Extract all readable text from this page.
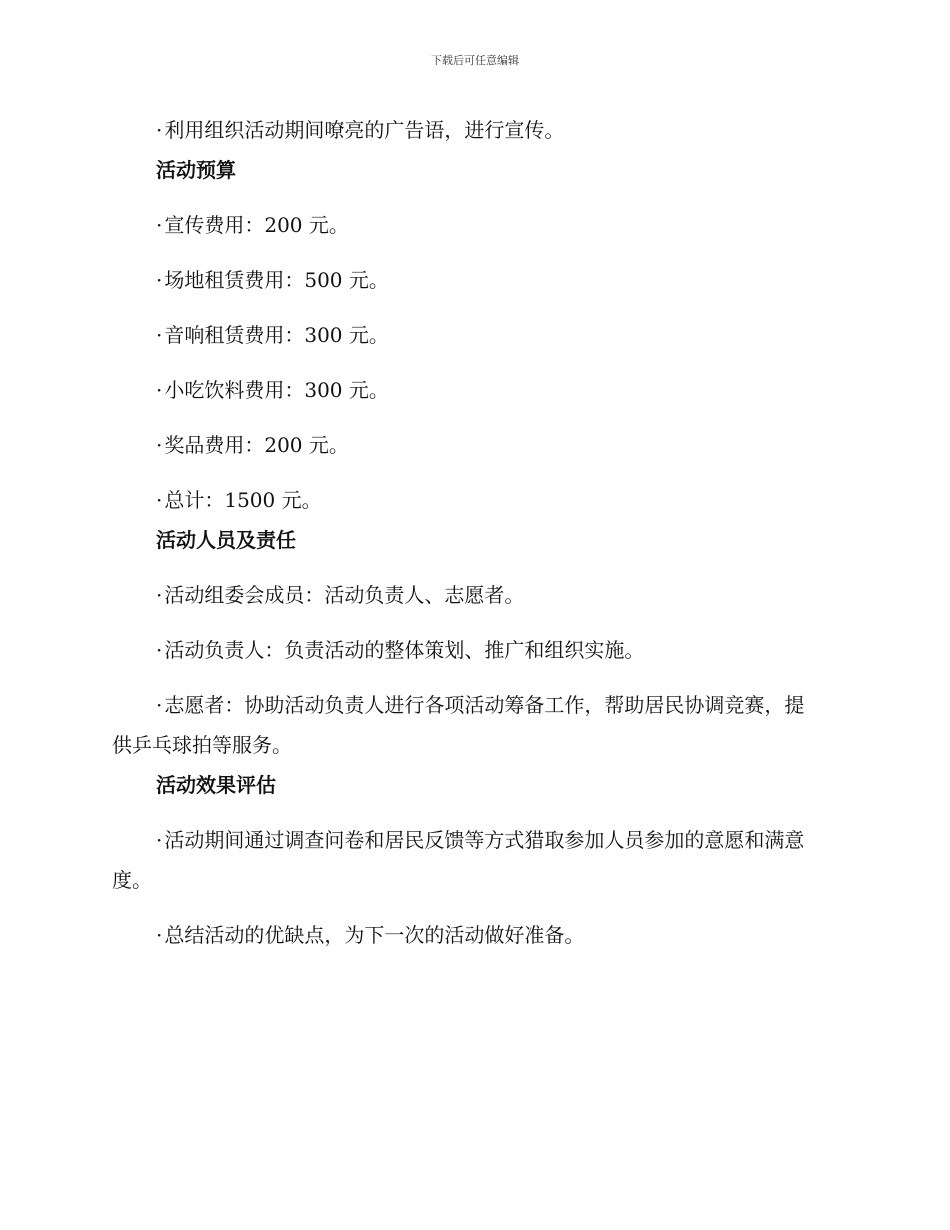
下载后可任意编辑

· 利用组织活动期间嘹亮的广告语，进行宣传。

活动预算

· 宣传费用：200 元。

· 场地租赁费用：500 元。

· 音响租赁费用：300 元。

· 小吃饮料费用：300 元。

· 奖品费用：200 元。

· 总计：1500 元。

活动人员及责任

· 活动组委会成员：活动负责人、志愿者。

· 活动负责人：负责活动的整体策划、推广和组织实施。

· 志愿者：协助活动负责人进行各项活动筹备工作，帮助居民协调竞赛，提供乒乓球拍等服务。

活动效果评估

· 活动期间通过调查问卷和居民反馈等方式猎取参加人员参加的意愿和满意度。

· 总结活动的优缺点，为下一次的活动做好准备。
